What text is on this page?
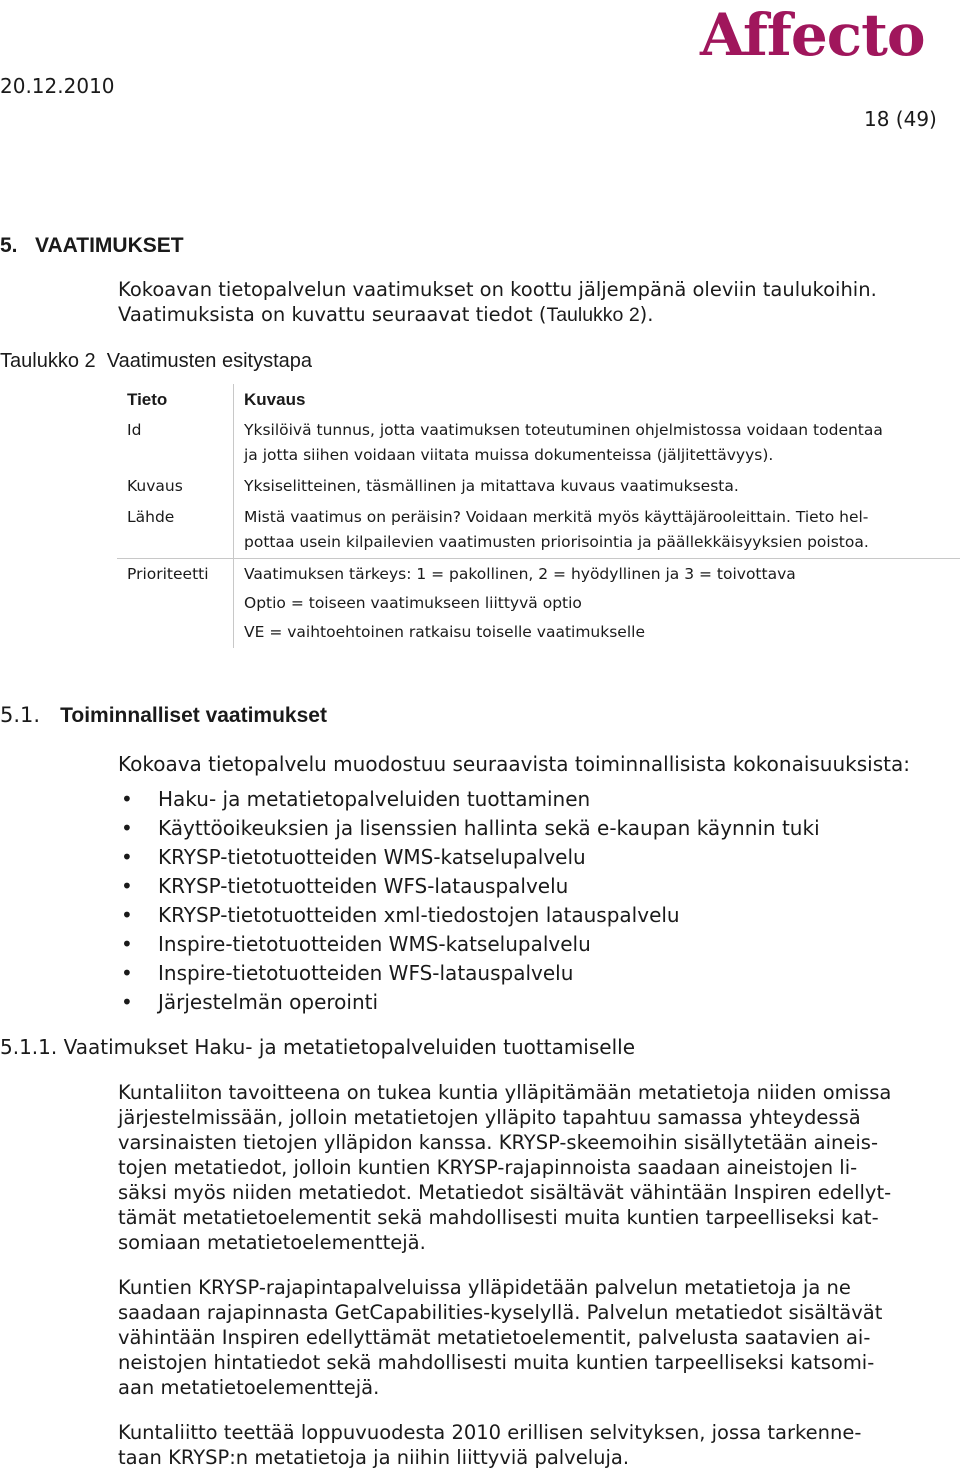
Affecto
20.12.2010
18 (49)
5. VAATIMUKSET
Kokoavan tietopalvelun vaatimukset on koottu jäljempänä oleviin taulukoihin.
Vaatimuksista on kuvattu seuraavat tiedot (Taulukko 2).
Taulukko 2  Vaatimusten esitystapa
Tieto	Kuvaus
Id	Yksilöivä tunnus, jotta vaatimuksen toteutuminen ohjelmistossa voidaan todentaa
ja jotta siihen voidaan viitata muissa dokumenteissa (jäljitettävyys).

Kuvaus	Yksiselitteinen, täsmällinen ja mitattava kuvaus vaatimuksesta.

Lähde	Mistä vaatimus on peräisin? Voidaan merkitä myös käyttäjärooleittain. Tieto hel-
pottaa usein kilpailevien vaatimusten priorisointia ja päällekkäisyyksien poistoa.

Prioriteetti	Vaatimuksen tärkeys: 1 = pakollinen, 2 = hyödyllinen ja 3 = toivottava
Optio = toiseen vaatimukseen liittyvä optio
VE = vaihtoehtoinen ratkaisu toiselle vaatimukselle
5.1. Toiminnalliset vaatimukset
Kokoava tietopalvelu muodostuu seuraavista toiminnallisista kokonaisuuksista:
• Haku- ja metatietopalveluiden tuottaminen
• Käyttöoikeuksien ja lisenssien hallinta sekä e-kaupan käynnin tuki
• KRYSP-tietotuotteiden WMS-katselupalvelu
• KRYSP-tietotuotteiden WFS-latauspalvelu
• KRYSP-tietotuotteiden xml-tiedostojen latauspalvelu
• Inspire-tietotuotteiden WMS-katselupalvelu
• Inspire-tietotuotteiden WFS-latauspalvelu
• Järjestelmän operointi
5.1.1. Vaatimukset Haku- ja metatietopalveluiden tuottamiselle
Kuntaliiton tavoitteena on tukea kuntia ylläpitämään metatietoja niiden omissa
järjestelmissään, jolloin metatietojen ylläpito tapahtuu samassa yhteydessä
varsinaisten tietojen ylläpidon kanssa. KRYSP-skeemoihin sisällytetään aineis-
tojen metatiedot, jolloin kuntien KRYSP-rajapinnoista saadaan aineistojen li-
säksi myös niiden metatiedot. Metatiedot sisältävät vähintään Inspiren edellyt-
tämät metatietoelementit sekä mahdollisesti muita kuntien tarpeelliseksi kat-
somiaan metatietoelementtejä.
Kuntien KRYSP-rajapintapalveluissa ylläpidetään palvelun metatietoja ja ne
saadaan rajapinnasta GetCapabilities-kyselyllä. Palvelun metatiedot sisältävät
vähintään Inspiren edellyttämät metatietoelementit, palvelusta saatavien ai-
neistojen hintatiedot sekä mahdollisesti muita kuntien tarpeelliseksi katsomi-
aan metatietoelementtejä.
Kuntaliitto teettää loppuvuodesta 2010 erillisen selvityksen, jossa tarkenne-
taan KRYSP:n metatietoja ja niihin liittyviä palveluja.
